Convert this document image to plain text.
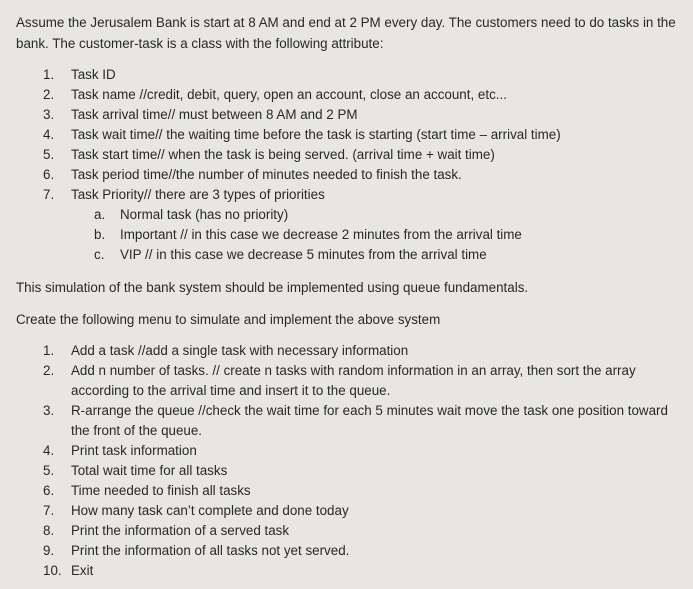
Assume the Jerusalem Bank is start at 8 AM and end at 2 PM every day. The customers need to do tasks in the bank. The customer-task is a class with the following attribute:

1.	Task ID
2.	Task name //credit, debit, query, open an account, close an account, etc...
3.	Task arrival time// must between 8 AM and 2 PM
4.	Task wait time// the waiting time before the task is starting (start time – arrival time)
5.	Task start time// when the task is being served. (arrival time + wait time)
6.	Task period time//the number of minutes needed to finish the task.
7.	Task Priority// there are 3 types of priorities
a.	Normal task (has no priority)
b.	Important // in this case we decrease 2 minutes from the arrival time
c.	VIP // in this case we decrease 5 minutes from the arrival time

This simulation of the bank system should be implemented using queue fundamentals.

Create the following menu to simulate and implement the above system

1.	Add a task //add a single task with necessary information
2.	Add n number of tasks. // create n tasks with random information in an array, then sort the array according to the arrival time and insert it to the queue.
3.	R-arrange the queue //check the wait time for each 5 minutes wait move the task one position toward the front of the queue.
4.	Print task information
5.	Total wait time for all tasks
6.	Time needed to finish all tasks
7.	How many task can’t complete and done today
8.	Print the information of a served task
9.	Print the information of all tasks not yet served.
10. Exit
